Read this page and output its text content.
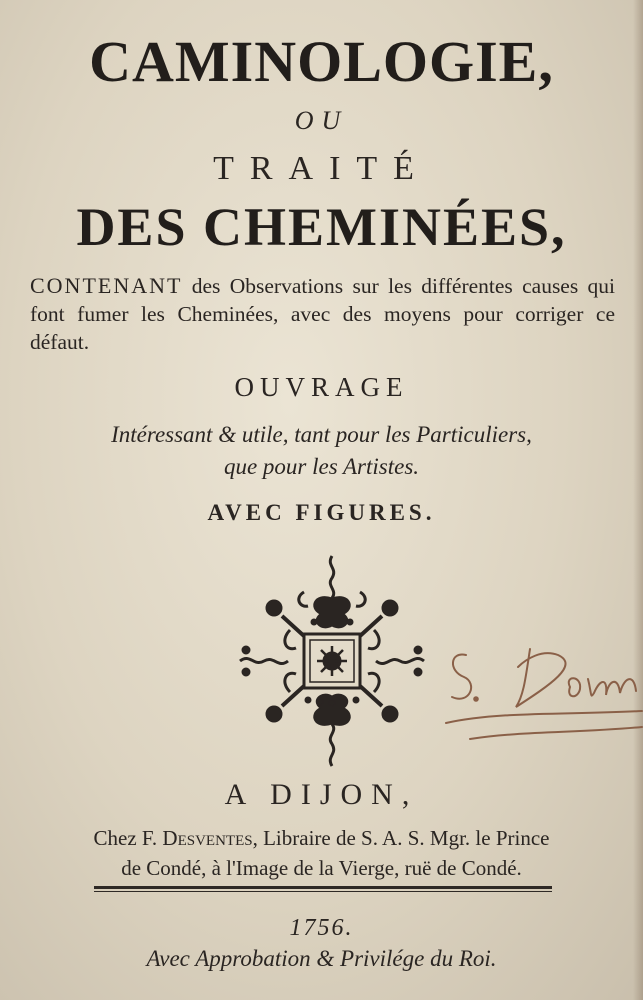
CAMINOLOGIE,
OU
TRAITÉ
DES CHEMINÉES,
CONTENANT des Observations sur les différentes causes qui font fumer les Cheminées, avec des moyens pour corriger ce défaut.
OUVRAGE
Intéressant & utile, tant pour les Particuliers,
que pour les Artistes.
AVEC FIGURES.
A DIJON,
Chez F. Desventes, Libraire de S. A. S. Mgr. le Prince
de Condé, à l'Image de la Vierge, ruë de Condé.
1756.
Avec Approbation & Privilége du Roi.
